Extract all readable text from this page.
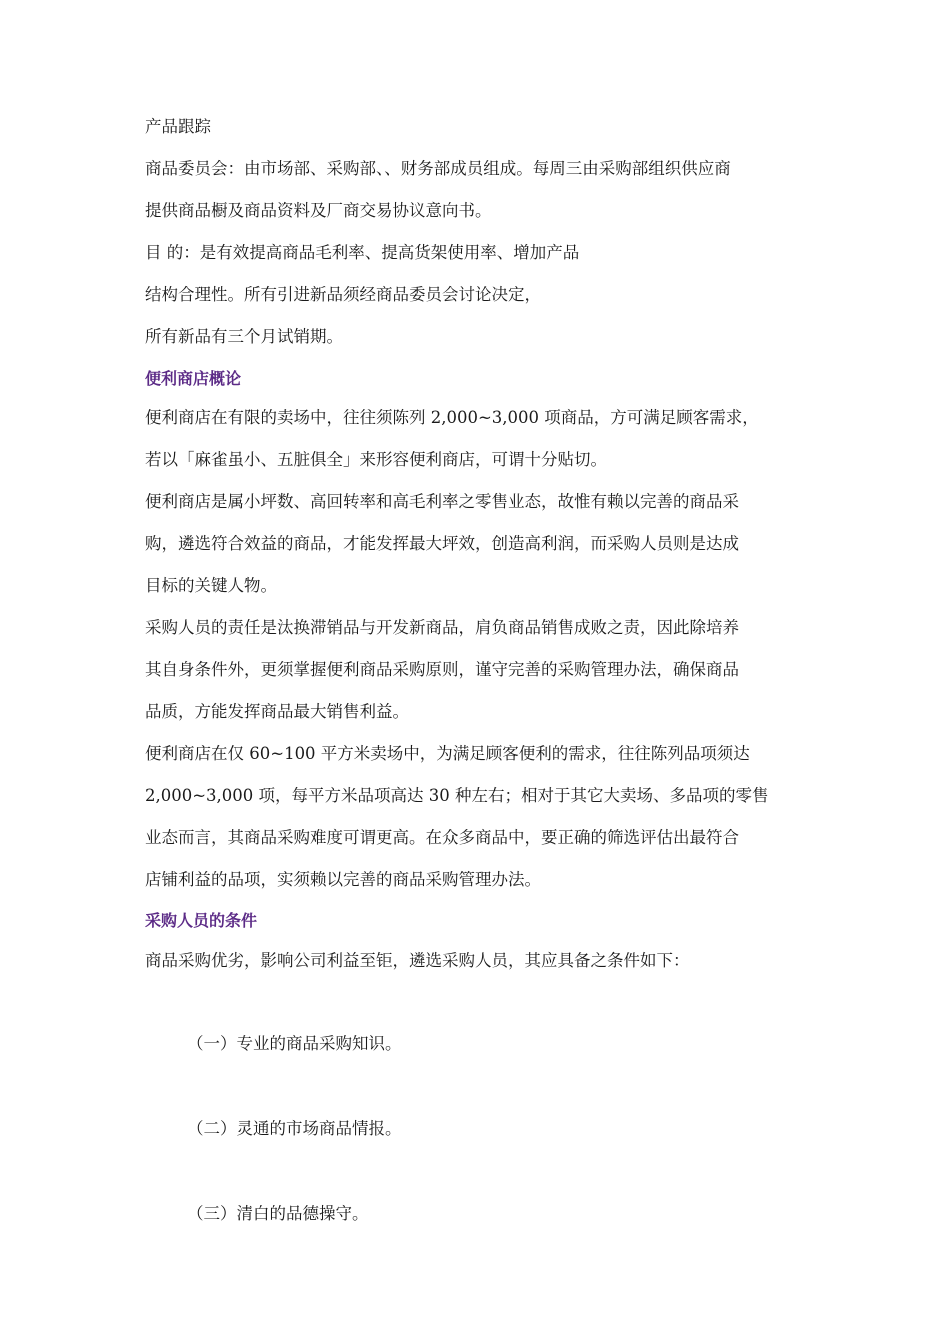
产品跟踪
商品委员会：由市场部、采购部、、财务部成员组成。每周三由采购部组织供应商
提供商品橱及商品资料及厂商交易协议意向书。
目 的：是有效提高商品毛利率、提高货架使用率、增加产品
结构合理性。所有引进新品须经商品委员会讨论决定，
所有新品有三个月试销期。
便利商店概论
便利商店在有限的卖场中，往往须陈列 2,000~3,000 项商品，方可满足顾客需求，
若以「麻雀虽小、五脏俱全」来形容便利商店，可谓十分贴切。
便利商店是属小坪数、高回转率和高毛利率之零售业态，故惟有赖以完善的商品采
购，遴选符合效益的商品，才能发挥最大坪效，创造高利润，而采购人员则是达成
目标的关键人物。
采购人员的责任是汰换滞销品与开发新商品，肩负商品销售成败之责，因此除培养
其自身条件外，更须掌握便利商品采购原则，谨守完善的采购管理办法，确保商品
品质，方能发挥商品最大销售利益。
便利商店在仅 60~100 平方米卖场中，为满足顾客便利的需求，往往陈列品项须达
2,000~3,000 项，每平方米品项高达 30 种左右；相对于其它大卖场、多品项的零售
业态而言，其商品采购难度可谓更高。在众多商品中，要正确的筛选评估出最符合
店铺利益的品项，实须赖以完善的商品采购管理办法。
采购人员的条件
商品采购优劣，影响公司利益至钜，遴选采购人员，其应具备之条件如下：
（一）专业的商品采购知识。
（二）灵通的市场商品情报。
（三）清白的品德操守。
